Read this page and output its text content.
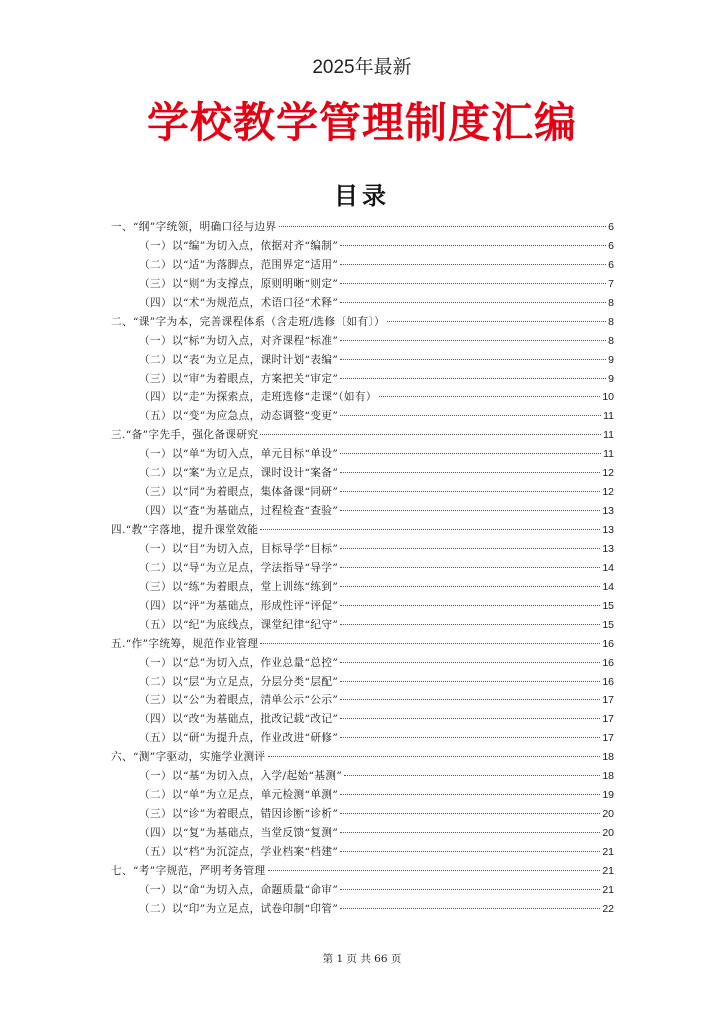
2025年最新
学校教学管理制度汇编
目录
一、“纲”字统领，明确口径与边界	6
（一）以“编”为切入点，依据对齐“编制”	6
（二）以“适”为落脚点，范围界定“适用”	6
（三）以“则”为支撑点，原则明晰“则定”	7
（四）以“术”为规范点，术语口径“术释”	8
二、“课”字为本，完善课程体系（含走班/选修〔如有〕）	8
（一）以“标”为切入点，对齐课程“标准”	8
（二）以“表”为立足点，课时计划“表编”	9
（三）以“审”为着眼点，方案把关“审定”	9
（四）以“走”为探索点，走班选修“走课”（如有）	10
（五）以“变”为应急点，动态调整“变更”	11
三.“备”字先手，强化备课研究	11
（一）以“单”为切入点，单元目标“单设”	11
（二）以“案”为立足点，课时设计“案备”	12
（三）以“同”为着眼点，集体备课“同研”	12
（四）以“查”为基础点，过程检查“查验”	13
四.“教”字落地，提升课堂效能	13
（一）以“目”为切入点，目标导学“目标”	13
（二）以“导”为立足点，学法指导“导学”	14
（三）以“练”为着眼点，堂上训练“练到”	14
（四）以“评”为基础点，形成性评“评促”	15
（五）以“纪”为底线点，课堂纪律“纪守”	15
五.“作”字统筹，规范作业管理	16
（一）以“总”为切入点，作业总量“总控”	16
（二）以“层”为立足点，分层分类“层配”	16
（三）以“公”为着眼点，清单公示“公示”	17
（四）以“改”为基础点，批改记载“改记”	17
（五）以“研”为提升点，作业改进“研修”	17
六、“测”字驱动，实施学业测评	18
（一）以“基”为切入点，入学/起始“基测”	18
（二）以“单”为立足点，单元检测“单测”	19
（三）以“诊”为着眼点，错因诊断“诊析”	20
（四）以“复”为基础点，当堂反馈“复测”	20
（五）以“档”为沉淀点，学业档案“档建”	21
七、“考”字规范，严明考务管理	21
（一）以“命”为切入点，命题质量“命审”	21
（二）以“印”为立足点，试卷印制“印管”	22
第 1 页 共 66 页
